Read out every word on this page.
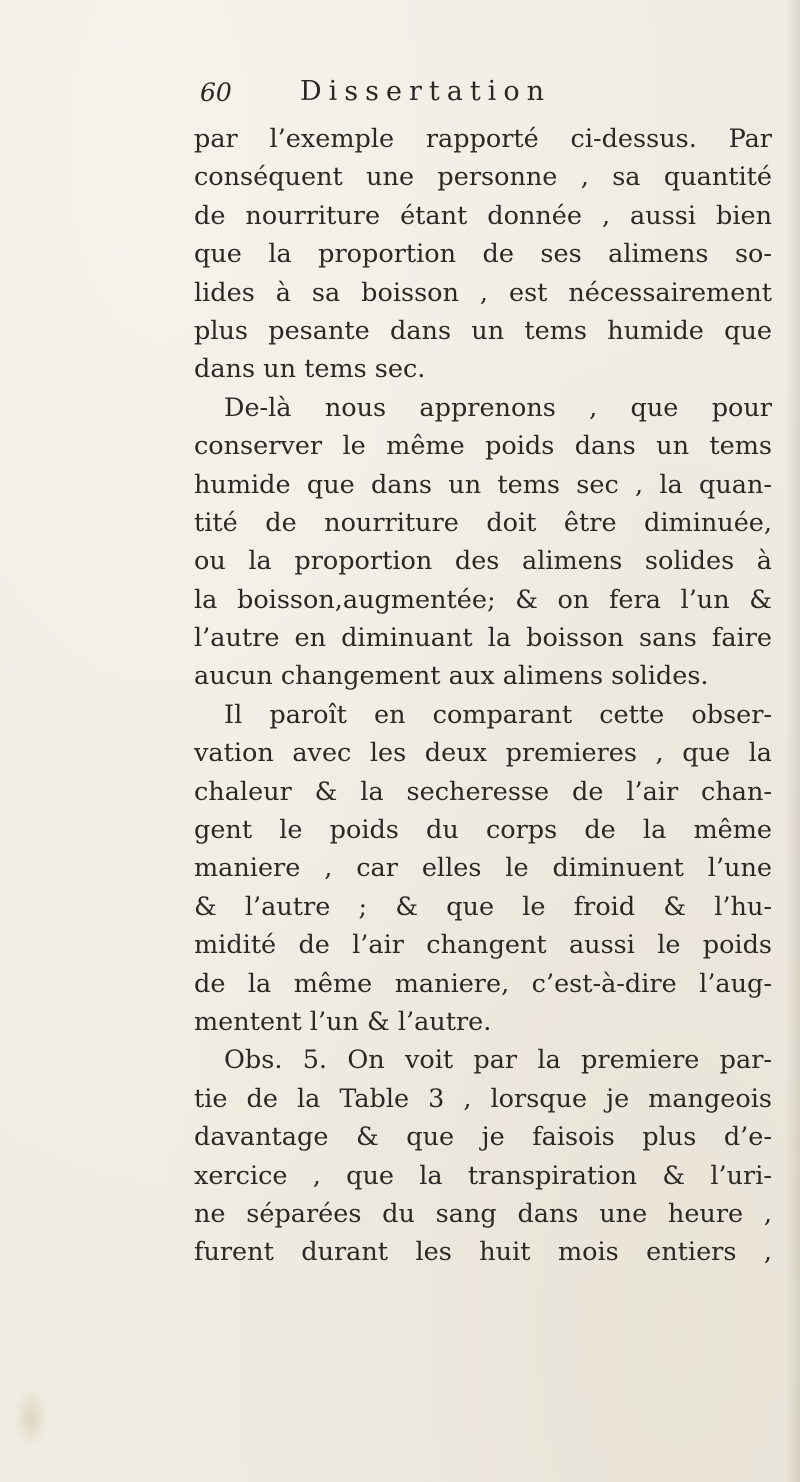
60	Dissertation
par l’exemple rapporté ci-dessus. Par
conséquent une personne , sa quantité
de nourriture étant donnée , aussi bien
que la proportion de ses alimens so-
lides à sa boisson , est nécessairement
plus pesante dans un tems humide que
dans un tems sec.
De-là nous apprenons , que pour
conserver le même poids dans un tems
humide que dans un tems sec , la quan-
tité de nourriture doit être diminuée,
ou la proportion des alimens solides à
la boisson,augmentée; & on fera l’un &
l’autre en diminuant la boisson sans faire
aucun changement aux alimens solides.
Il paroît en comparant cette obser-
vation avec les deux premieres , que la
chaleur & la secheresse de l’air chan-
gent le poids du corps de la même
maniere , car elles le diminuent l’une
& l’autre ; & que le froid & l’hu-
midité de l’air changent aussi le poids
de la même maniere, c’est-à-dire l’aug-
mentent l’un & l’autre.
Obs. 5. On voit par la premiere par-
tie de la Table 3 , lorsque je mangeois
davantage & que je faisois plus d’e-
xercice , que la transpiration & l’uri-
ne séparées du sang dans une heure ,
furent durant les huit mois entiers ,
